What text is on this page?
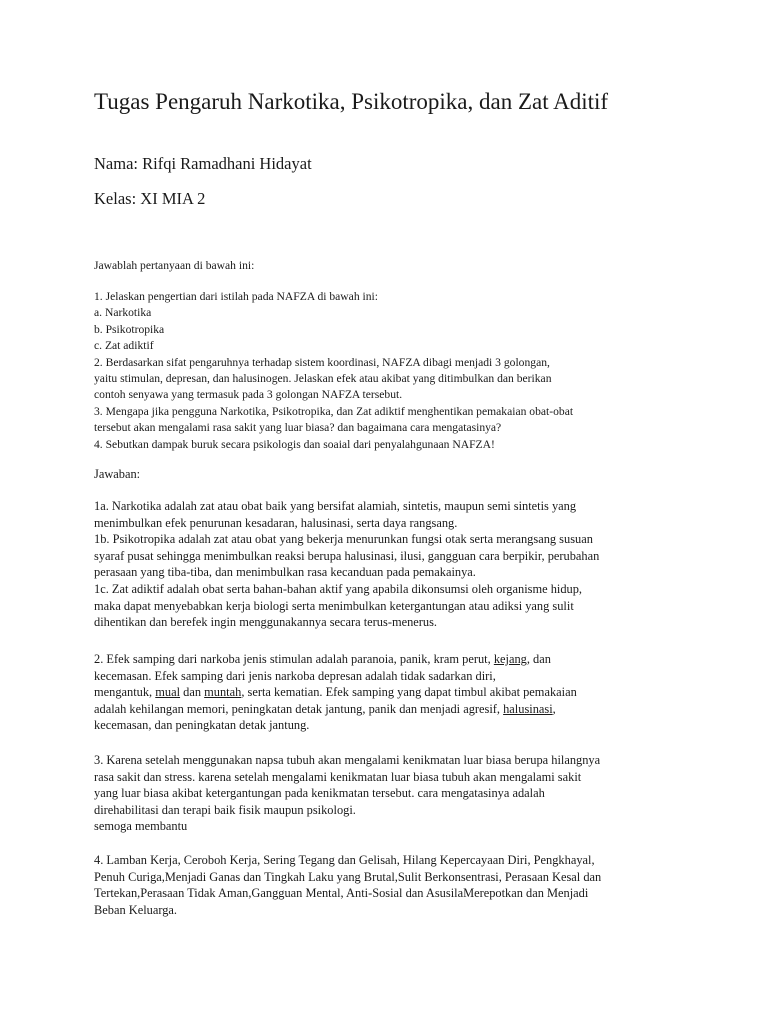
Tugas Pengaruh Narkotika, Psikotropika, dan Zat Aditif
Nama: Rifqi Ramadhani Hidayat
Kelas: XI MIA 2
Jawablah pertanyaan di bawah ini:
1. Jelaskan pengertian dari istilah pada NAFZA di bawah ini:
a. Narkotika
b. Psikotropika
c. Zat adiktif
2. Berdasarkan sifat pengaruhnya terhadap sistem koordinasi, NAFZA dibagi menjadi 3 golongan,
yaitu stimulan, depresan, dan halusinogen. Jelaskan efek atau akibat yang ditimbulkan dan berikan
contoh senyawa yang termasuk pada 3 golongan NAFZA tersebut.
3. Mengapa jika pengguna Narkotika, Psikotropika, dan Zat adiktif menghentikan pemakaian obat-obat
tersebut akan mengalami rasa sakit yang luar biasa? dan bagaimana cara mengatasinya?
4. Sebutkan dampak buruk secara psikologis dan soaial dari penyalahgunaan NAFZA!
Jawaban:
1a. Narkotika adalah zat atau obat baik yang bersifat alamiah, sintetis, maupun semi sintetis yang
menimbulkan efek penurunan kesadaran, halusinasi, serta daya rangsang.
1b. Psikotropika adalah zat atau obat yang bekerja menurunkan fungsi otak serta merangsang susuan
syaraf pusat sehingga menimbulkan reaksi berupa halusinasi, ilusi, gangguan cara berpikir, perubahan
perasaan yang tiba-tiba, dan menimbulkan rasa kecanduan pada pemakainya.
1c. Zat adiktif adalah obat serta bahan-bahan aktif yang apabila dikonsumsi oleh organisme hidup,
maka dapat menyebabkan kerja biologi serta menimbulkan ketergantungan atau adiksi yang sulit
dihentikan dan berefek ingin menggunakannya secara terus-menerus.
2. Efek samping dari narkoba jenis stimulan adalah paranoia, panik, kram perut, kejang, dan
kecemasan. Efek samping dari jenis narkoba depresan adalah tidak sadarkan diri,
mengantuk, mual dan muntah, serta kematian. Efek samping yang dapat timbul akibat pemakaian
adalah kehilangan memori, peningkatan detak jantung, panik dan menjadi agresif, halusinasi,
kecemasan, dan peningkatan detak jantung.
3. Karena setelah menggunakan napsa tubuh akan mengalami kenikmatan luar biasa berupa hilangnya
rasa sakit dan stress. karena setelah mengalami kenikmatan luar biasa tubuh akan mengalami sakit
yang luar biasa akibat ketergantungan pada kenikmatan tersebut. cara mengatasinya adalah
direhabilitasi dan terapi baik fisik maupun psikologi.
semoga membantu
4. Lamban Kerja, Ceroboh Kerja, Sering Tegang dan Gelisah, Hilang Kepercayaan Diri, Pengkhayal,
Penuh Curiga,Menjadi Ganas dan Tingkah Laku yang Brutal,Sulit Berkonsentrasi, Perasaan Kesal dan
Tertekan,Perasaan Tidak Aman,Gangguan Mental, Anti-Sosial dan AsusilaMerepotkan dan Menjadi
Beban Keluarga.
